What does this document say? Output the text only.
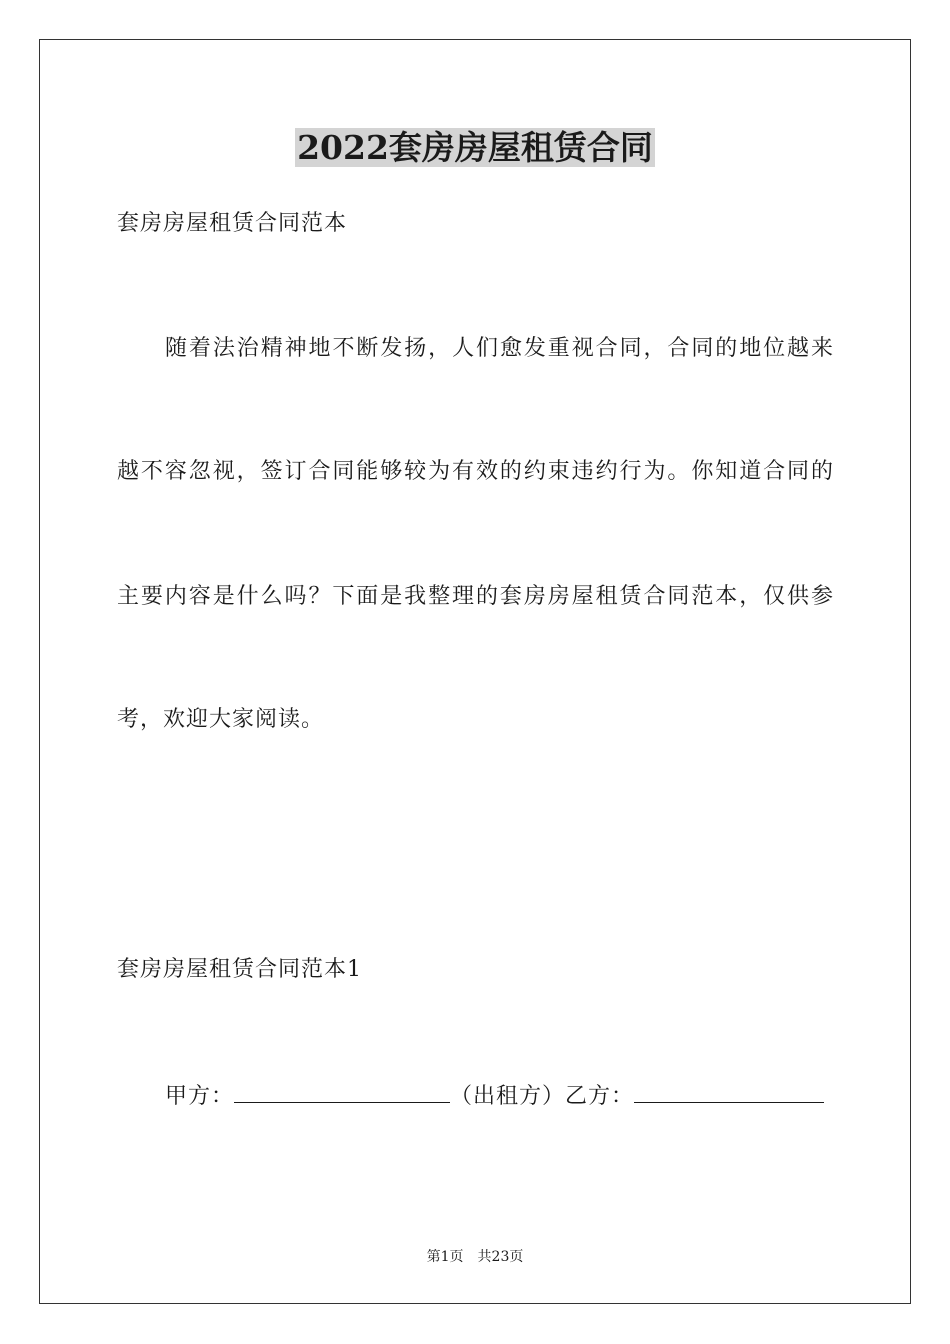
2022套房房屋租赁合同
套房房屋租赁合同范本
随着法治精神地不断发扬，人们愈发重视合同，合同的地位越来
越不容忽视，签订合同能够较为有效的约束违约行为。你知道合同的
主要内容是什么吗？下面是我整理的套房房屋租赁合同范本，仅供参
考，欢迎大家阅读。
套房房屋租赁合同范本1
甲方：	（出租方）乙方：
第1页　共23页
